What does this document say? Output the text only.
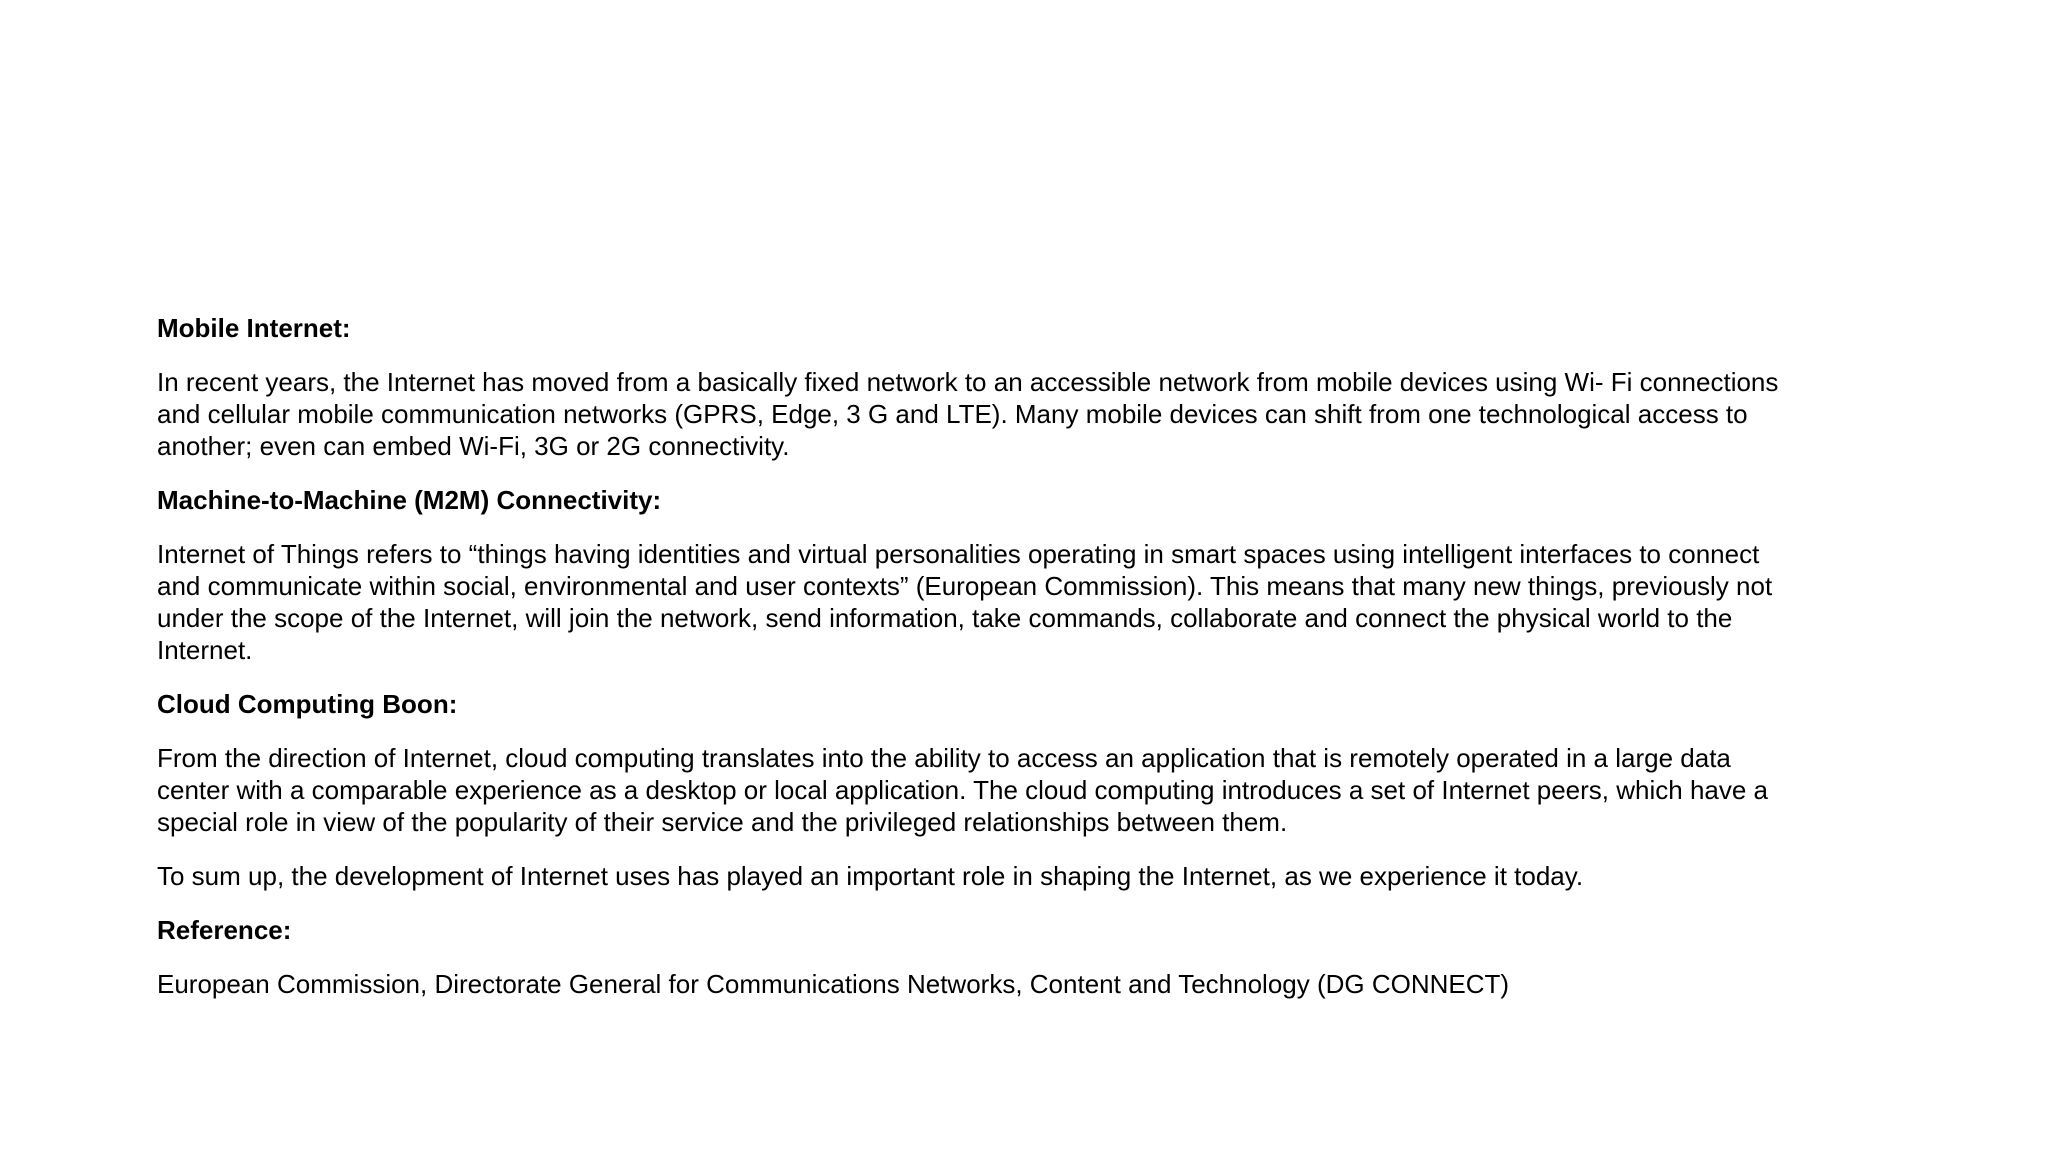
Mobile Internet:
In recent years, the Internet has moved from a basically fixed network to an accessible network from mobile devices using Wi- Fi connections
and cellular mobile communication networks (GPRS, Edge, 3 G and LTE). Many mobile devices can shift from one technological access to
another; even can embed Wi-Fi, 3G or 2G connectivity.
Machine-to-Machine (M2M) Connectivity:
Internet of Things refers to “things having identities and virtual personalities operating in smart spaces using intelligent interfaces to connect
and communicate within social, environmental and user contexts” (European Commission). This means that many new things, previously not
under the scope of the Internet, will join the network, send information, take commands, collaborate and connect the physical world to the
Internet.
Cloud Computing Boon:
From the direction of Internet, cloud computing translates into the ability to access an application that is remotely operated in a large data
center with a comparable experience as a desktop or local application. The cloud computing introduces a set of Internet peers, which have a
special role in view of the popularity of their service and the privileged relationships between them.
To sum up, the development of Internet uses has played an important role in shaping the Internet, as we experience it today.
Reference:
European Commission, Directorate General for Communications Networks, Content and Technology (DG CONNECT)
